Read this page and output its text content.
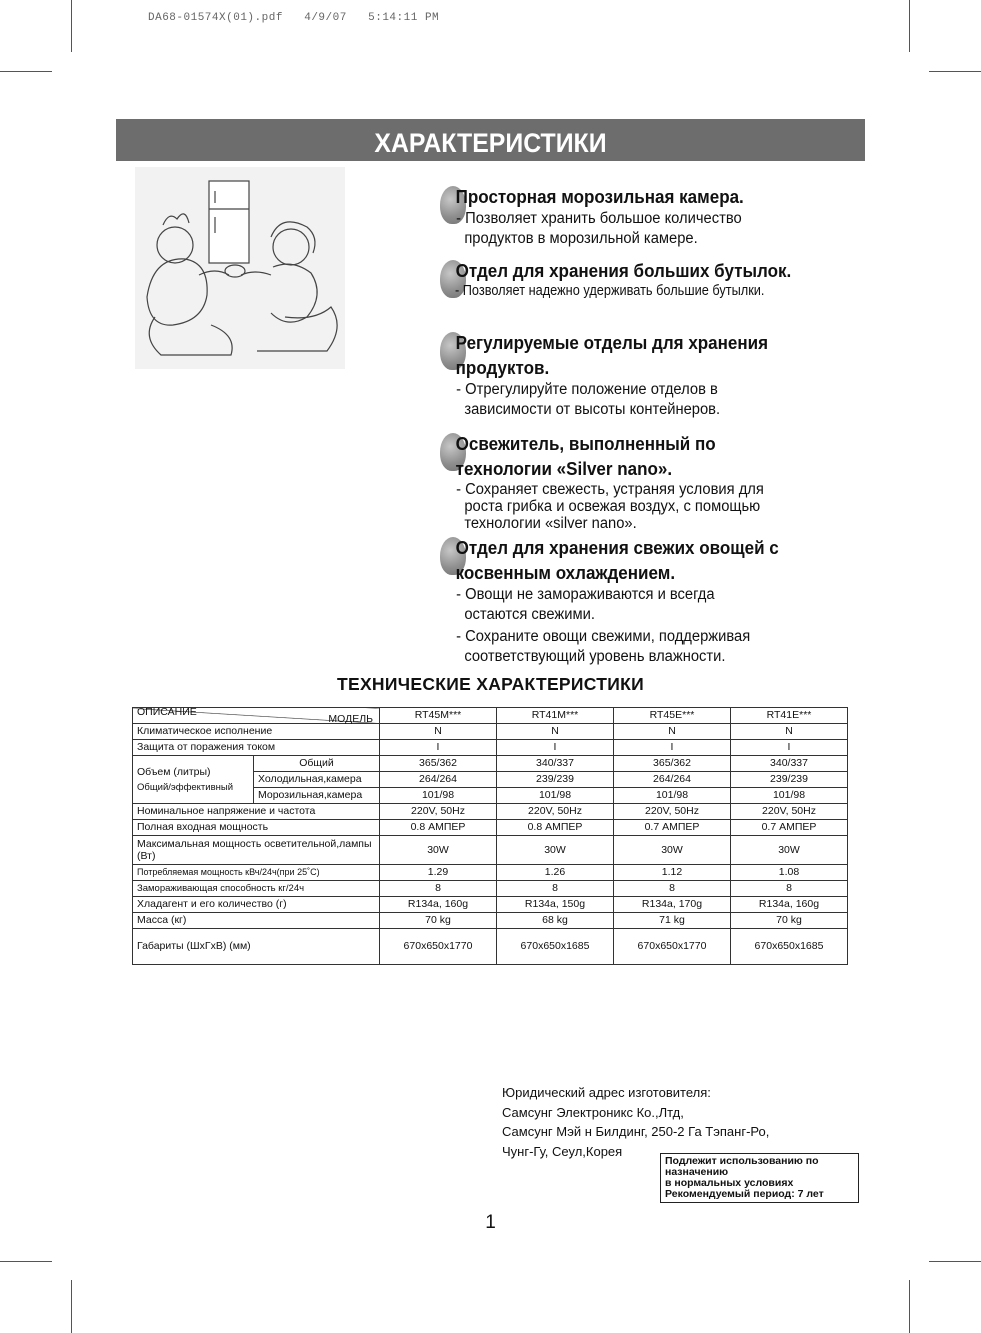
DA68-01574X(01).pdf   4/9/07   5:14:11 PM
ХАРАКТЕРИСТИКИ
Просторная морозильная камера.

- Позволяет хранить большое количество

продуктов в морозильной камере.

Отдел для хранения больших бутылок.

- Позволяет надежно удерживать большие бутылки.

Регулируемые отделы для хранения
продуктов.

- Отрегулируйте положение отделов в

зависимости от высоты контейнеров.

Освежитель, выполненный по
технологии «Silver nano».

- Сохраняет свежесть, устраняя условия для

роста грибка и освежая воздух, с помощью

технологии «silver nano».

Отдел для хранения свежих овощей с
косвенным охлаждением.

- Овощи не замораживаются и всегда

остаются свежими.

- Сохраните овощи свежими, поддерживая

соответствующий уровень влажности.

ТЕХНИЧЕСКИЕ ХАРАКТЕРИСТИКИ
МОДЕЛЬ
ОПИСАНИЕ		RT45M***	RT41M***	RT45E***	RT41E***
Климатическое исполнение		N	N	N	N
Защита от поражения током		I	I	I	I

Объем (литры)
Общий/эффективный	Общий	365/362	340/337	365/362	340/337
	Холодильная,камера	264/264	239/239	264/264	239/239
	Морозильная,камера	101/98	101/98	101/98	101/98
Номинальное напряжение и частота		220V, 50Hz	220V, 50Hz	220V, 50Hz	220V, 50Hz
Полная входная мощность		0.8 АМПЕР	0.8 АМПЕР	0.7 АМПЕР	0.7 АМПЕР
Максимальная мощность осветительной,лампы (Вт)		30W	30W	30W	30W
Потребляемая мощность кВч/24ч(при 25˚C)		1.29	1.26	1.12	1.08
Замораживающая способность кг/24ч		8	8	8	8
Хладагент и его количество (г)		R134a, 160g	R134a, 150g	R134a, 170g	R134a, 160g
Масса (кг)		70 kg	68 kg	71 kg	70 kg
Габариты (ШxГxВ) (мм)		670x650x1770	670x650x1685	670x650x1770	670x650x1685
Юридический адрес изготовителя:
Самсунг Электроникс Ко.,Лтд,
Самсунг Мэй н Билдинг, 250-2 Га Тэпанг-Ро,
Чунг-Гу, Сеул,Корея
Подлежит использованию по
назначению
в нормальных условиях
Рекомендуемый период: 7 лет
1
